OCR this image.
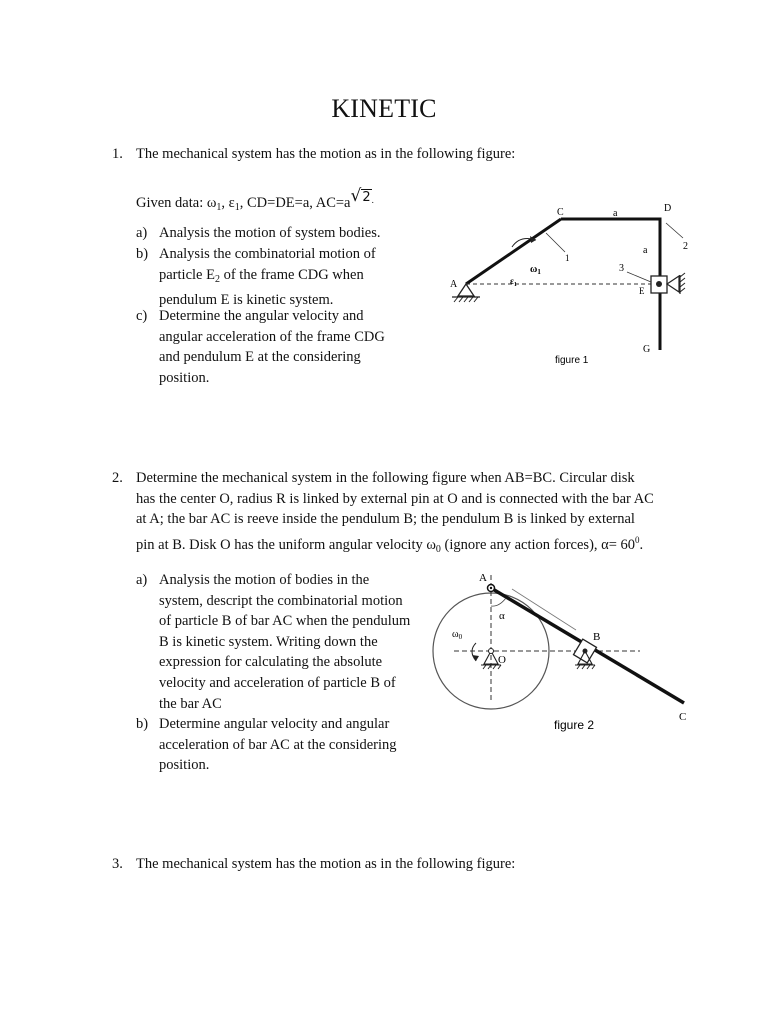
KINETIC
1. The mechanical system has the motion as in the following figure:
Given data: $\omega_1$, $\varepsilon_1$, CD=DE=a, AC=a√2.
a) Analysis the motion of system bodies.
b) Analysis the combinatorial motion of
particle $E_2$ of the frame CDG when
pendulum E is kinetic system.
c) Determine the angular velocity and
angular acceleration of the frame CDG
and pendulum E at the considering
position.
A
C	D
E
G
a
a
1
2
3
$\omega_1$
$\varepsilon_1$
figure 1
2. Determine the mechanical system in the following figure when AB=BC. Circular disk
has the center O, radius R is linked by external pin at O and is connected with the bar AC
at A; the bar AC is reeve inside the pendulum B; the pendulum B is linked by external
pin at B. Disk O has the uniform angular velocity $\omega_0$ (ignore any action forces), $\alpha= 60^0$.
a) Analysis the motion of bodies in the
system, descript the combinatorial motion
of particle B of bar AC when the pendulum
B is kinetic system. Writing down the
expression for calculating the absolute
velocity and acceleration of particle B of
the bar AC
b) Determine angular velocity and angular
acceleration of bar AC at the considering
position.
A
B
C
O
α
$\omega_0$
figure 2
3. The mechanical system has the motion as in the following figure:
